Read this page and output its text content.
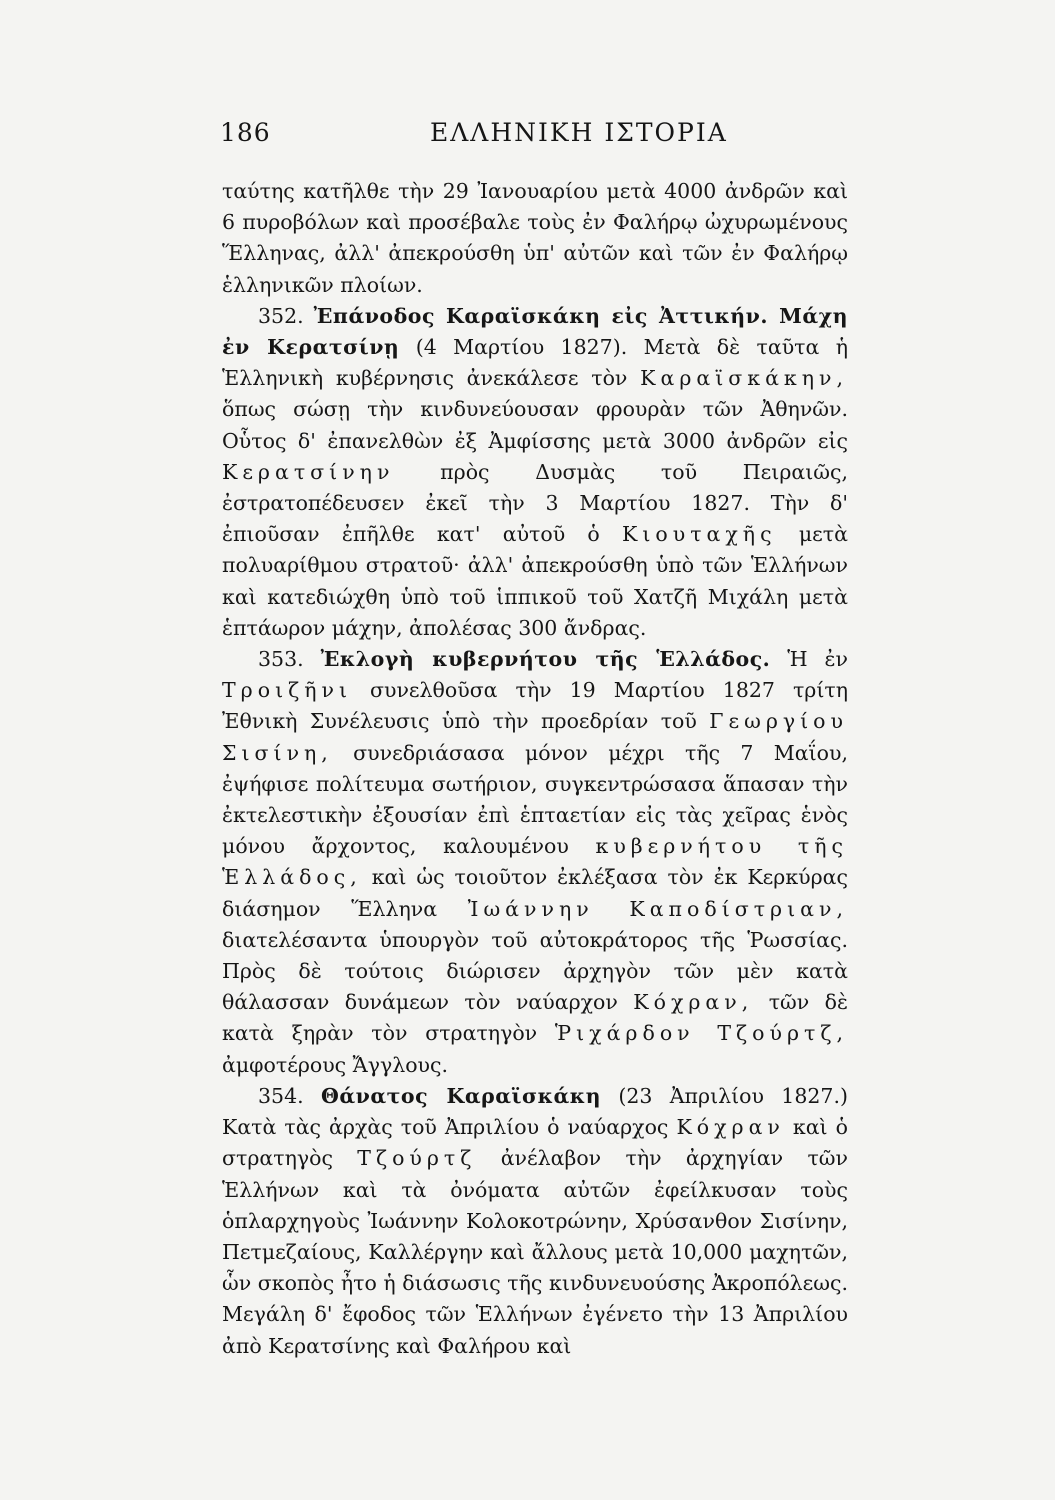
186	ΕΛΛΗΝΙΚΗ ΙΣΤΟΡΙΑ

ταύτης κατῆλθε τὴν 29 Ἰανουαρίου μετὰ 4000 ἀνδρῶν καὶ 6 πυροβόλων καὶ προσέβαλε τοὺς ἐν Φαλήρῳ ὠχυρωμένους Ἕλληνας, ἀλλ' ἀπεκρούσθη ὑπ' αὐτῶν καὶ τῶν ἐν Φαλήρῳ ἑλληνικῶν πλοίων.

352. Ἐπάνοδος Καραϊσκάκη εἰς Ἀττικήν. Μάχη ἐν Κερατσίνῃ (4 Μαρτίου 1827). Μετὰ δὲ ταῦτα ἡ Ἑλληνικὴ κυβέρνησις ἀνεκάλεσε τὸν Καραϊσκάκην, ὅπως σώσῃ τὴν κινδυνεύουσαν φρουρὰν τῶν Ἀθηνῶν. Οὗτος δ' ἐπανελθὼν ἐξ Ἀμφίσσης μετὰ 3000 ἀνδρῶν εἰς Κερατσίνην πρὸς Δυσμὰς τοῦ Πειραιῶς, ἐστρατοπέδευσεν ἐκεῖ τὴν 3 Μαρτίου 1827. Τὴν δ' ἐπιοῦσαν ἐπῆλθε κατ' αὐτοῦ ὁ Κιουταχῆς μετὰ πολυαρίθμου στρατοῦ· ἀλλ' ἀπεκρούσθη ὑπὸ τῶν Ἑλλήνων καὶ κατεδιώχθη ὑπὸ τοῦ ἱππικοῦ τοῦ Χατζῆ Μιχάλη μετὰ ἑπτάωρον μάχην, ἀπολέσας 300 ἄνδρας.

353. Ἐκλογὴ κυβερνήτου τῆς Ἑλλάδος. Ἡ ἐν Τροιζῆνι συνελθοῦσα τὴν 19 Μαρτίου 1827 τρίτη Ἐθνικὴ Συνέλευσις ὑπὸ τὴν προεδρίαν τοῦ Γεωργίου Σισίνη, συνεδριάσασα μόνον μέχρι τῆς 7 Μαΐου, ἐψήφισε πολίτευμα σωτήριον, συγκεντρώσασα ἅπασαν τὴν ἐκτελεστικὴν ἐξουσίαν ἐπὶ ἑπταετίαν εἰς τὰς χεῖρας ἑνὸς μόνου ἄρχοντος, καλουμένου κυβερνήτου τῆς Ἑλλάδος, καὶ ὡς τοιοῦτον ἐκλέξασα τὸν ἐκ Κερκύρας διάσημον Ἕλληνα Ἰωάννην Καποδίστριαν, διατελέσαντα ὑπουργὸν τοῦ αὐτοκράτορος τῆς Ῥωσσίας. Πρὸς δὲ τούτοις διώρισεν ἀρχηγὸν τῶν μὲν κατὰ θάλασσαν δυνάμεων τὸν ναύαρχον Κόχραν, τῶν δὲ κατὰ ξηρὰν τὸν στρατηγὸν Ῥιχάρδον Τζούρτζ, ἀμφοτέρους Ἄγγλους.

354. Θάνατος Καραϊσκάκη (23 Ἀπριλίου 1827.) Κατὰ τὰς ἀρχὰς τοῦ Ἀπριλίου ὁ ναύαρχος Κόχραν καὶ ὁ στρατηγὸς Τζούρτζ ἀνέλαβον τὴν ἀρχηγίαν τῶν Ἑλλήνων καὶ τὰ ὀνόματα αὐτῶν ἐφείλκυσαν τοὺς ὁπλαρχηγοὺς Ἰωάννην Κολοκοτρώνην, Χρύσανθον Σισίνην, Πετμεζαίους, Καλλέργην καὶ ἄλλους μετὰ 10,000 μαχητῶν, ὧν σκοπὸς ἦτο ἡ διάσωσις τῆς κινδυνευούσης Ἀκροπόλεως. Μεγάλη δ' ἔφοδος τῶν Ἑλλήνων ἐγένετο τὴν 13 Ἀπριλίου ἀπὸ Κερατσίνης καὶ Φαλήρου καὶ
